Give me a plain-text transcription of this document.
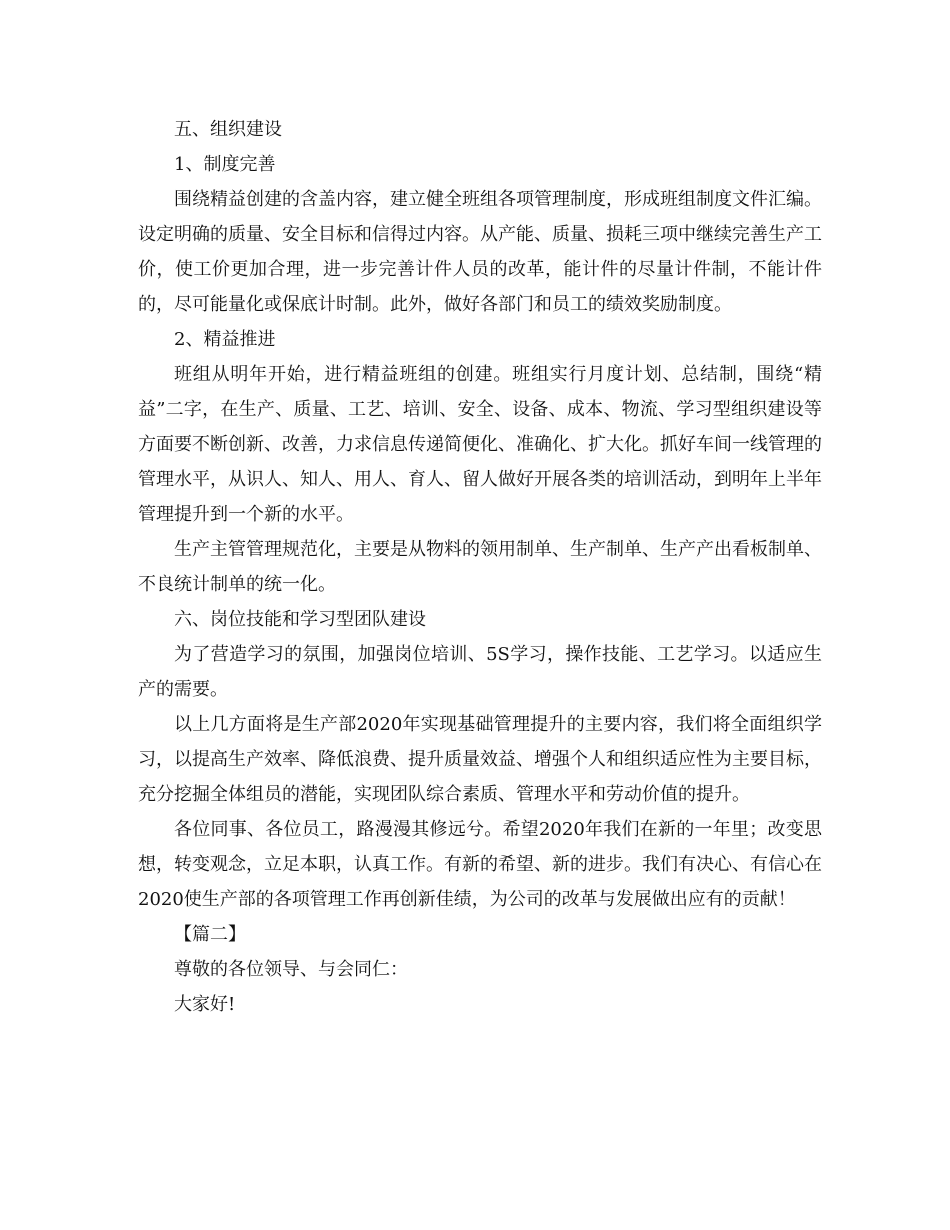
五、组织建设

1、制度完善

围绕精益创建的含盖内容，建立健全班组各项管理制度，形成班组制度文件汇编。设定明确的质量、安全目标和信得过内容。从产能、质量、损耗三项中继续完善生产工价，使工价更加合理，进一步完善计件人员的改革，能计件的尽量计件制，不能计件的，尽可能量化或保底计时制。此外，做好各部门和员工的绩效奖励制度。

2、精益推进

班组从明年开始，进行精益班组的创建。班组实行月度计划、总结制，围绕“精益”二字，在生产、质量、工艺、培训、安全、设备、成本、物流、学习型组织建设等方面要不断创新、改善，力求信息传递简便化、准确化、扩大化。抓好车间一线管理的管理水平，从识人、知人、用人、育人、留人做好开展各类的培训活动，到明年上半年管理提升到一个新的水平。

生产主管管理规范化，主要是从物料的领用制单、生产制单、生产产出看板制单、不良统计制单的统一化。

六、岗位技能和学习型团队建设

为了营造学习的氛围，加强岗位培训、5S学习，操作技能、工艺学习。以适应生产的需要。

以上几方面将是生产部2020年实现基础管理提升的主要内容，我们将全面组织学习，以提高生产效率、降低浪费、提升质量效益、增强个人和组织适应性为主要目标，充分挖掘全体组员的潜能，实现团队综合素质、管理水平和劳动价值的提升。

各位同事、各位员工，路漫漫其修远兮。希望2020年我们在新的一年里；改变思想，转变观念，立足本职，认真工作。有新的希望、新的进步。我们有决心、有信心在2020使生产部的各项管理工作再创新佳绩，为公司的改革与发展做出应有的贡献！

【篇二】

尊敬的各位领导、与会同仁：

大家好!
